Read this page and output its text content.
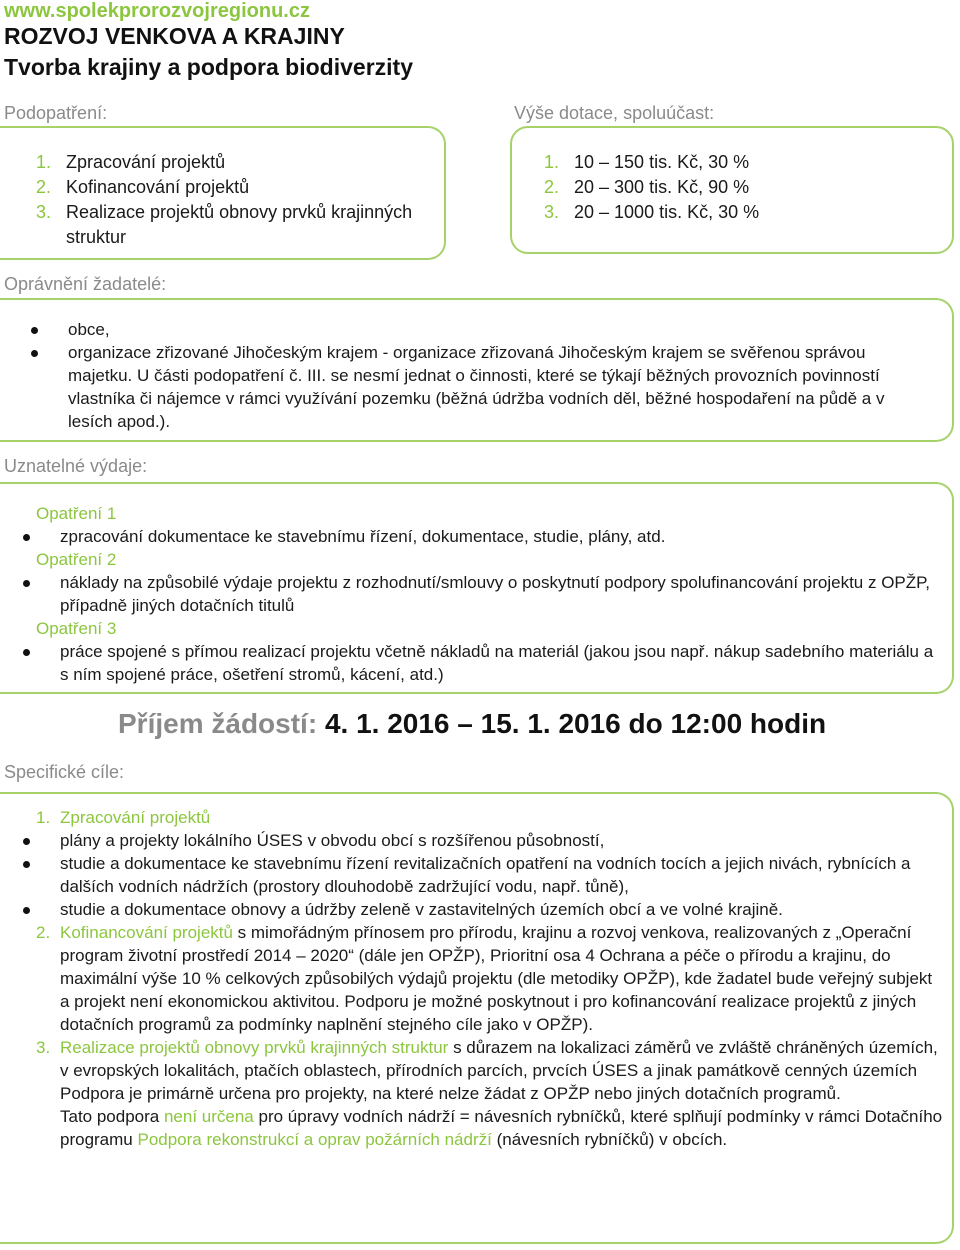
www.spolekprorozvojregionu.cz
ROZVOJ VENKOVA A KRAJINY
Tvorba krajiny a podpora biodiverzity
Podopatření:
1. Zpracování projektů
2. Kofinancování projektů
3. Realizace projektů obnovy prvků krajinných struktur
Výše dotace, spoluúčast:
1. 10 – 150 tis. Kč, 30 %
2. 20 – 300 tis. Kč, 90 %
3. 20 – 1000 tis. Kč, 30 %
Oprávnění žadatelé:
obce,
organizace zřizované Jihočeským krajem - organizace zřizovaná Jihočeským krajem se svěřenou správou majetku. U části podopatření č. III. se nesmí jednat o činnosti, které se týkají běžných provozních povinností vlastníka či nájemce v rámci využívání pozemku (běžná údržba vodních děl, běžné hospodaření na půdě a v lesích apod.).
Uznatelné výdaje:
Opatření 1
zpracování dokumentace ke stavebnímu řízení, dokumentace, studie, plány, atd.
Opatření 2
náklady na způsobilé výdaje projektu z rozhodnutí/smlouvy o poskytnutí podpory spolufinancování projektu z OPŽP, případně jiných dotačních titulů
Opatření 3
práce spojené s přímou realizací projektu včetně nákladů na materiál (jakou jsou např. nákup sadebního materiálu a s ním spojené práce, ošetření stromů, kácení, atd.)
Příjem žádostí: 4. 1. 2016 – 15. 1. 2016 do 12:00 hodin
Specifické cíle:

1. Zpracování projektů

plány a projekty lokálního ÚSES v obvodu obcí s rozšířenou působností,
studie a dokumentace ke stavebnímu řízení revitalizačních opatření na vodních tocích a jejich nivách, rybnících a dalších vodních nádržích (prostory dlouhodobě zadržující vodu, např. tůně),
studie a dokumentace obnovy a údržby zeleně v zastavitelných územích obcí a ve volné krajině.

2. Kofinancování projektů s mimořádným přínosem pro přírodu, krajinu a rozvoj venkova, realizovaných z „Operační program životní prostředí 2014 – 2020“ (dále jen OPŽP), Prioritní osa 4 Ochrana a péče o přírodu a krajinu, do maximální výše 10 % celkových způsobilých výdajů projektu (dle metodiky OPŽP), kde žadatel bude veřejný subjekt a projekt není ekonomickou aktivitou. Podporu je možné poskytnout i pro kofinancování realizace projektů z jiných dotačních programů za podmínky naplnění stejného cíle jako v OPŽP).

3. Realizace projektů obnovy prvků krajinných struktur s důrazem na lokalizaci záměrů ve zvláště chráněných územích, v evropských lokalitách, ptačích oblastech, přírodních parcích, prvcích ÚSES a jinak památkově cenných územích

Podpora je primárně určena pro projekty, na které nelze žádat z OPŽP nebo jiných dotačních programů.

Tato podpora není určena pro úpravy vodních nádrží = návesních rybníčků, které splňují podmínky v rámci Dotačního programu Podpora rekonstrukcí a oprav požárních nádrží (návesních rybníčků) v obcích.
